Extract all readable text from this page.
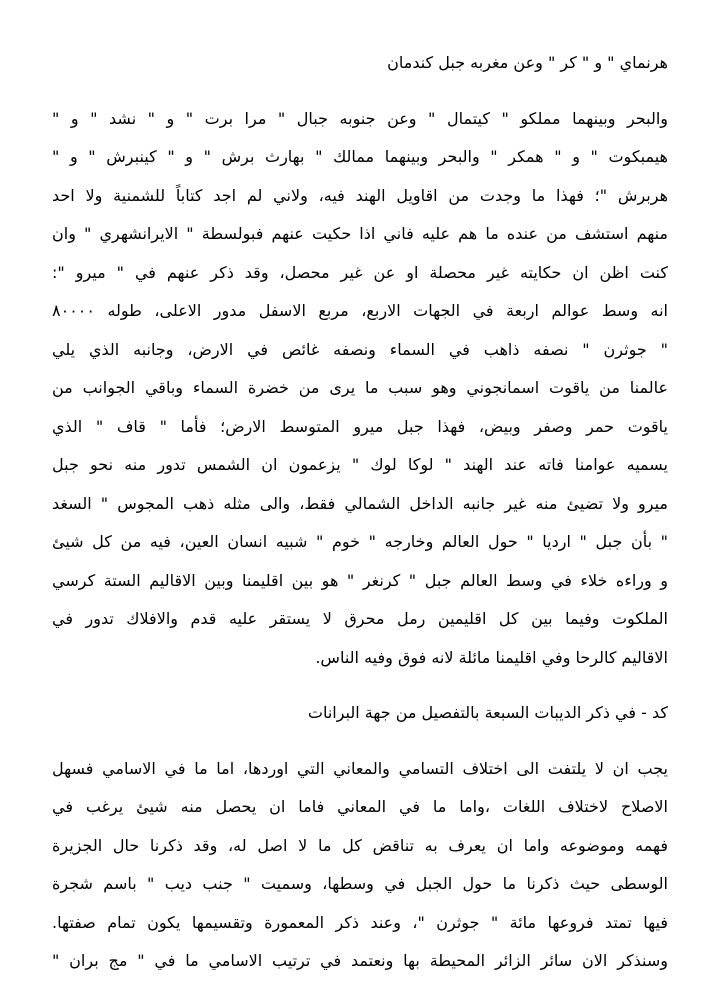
هرنماي " و " كر " وعن مغربه جبل كندمان
والبحر وبينهما مملكو " كيتمال " وعن جنوبه جبال " مرا برت " و " نشد " و "
هيمبكوت " و " همكر " والبحر وبينهما ممالك " بهارث برش " و " كينبرش " و "
هربرش "؛ فهذا ما وجدت من اقاويل الهند فيه، ولاني لم اجد كتاباً للشمنية ولا احد
منهم استشف من عنده ما هم عليه فاني اذا حكيت عنهم فبولسطة " الايرانشهري " وان
كنت اظن ان حكايته غير محصلة او عن غير محصل، وقد ذكر عنهم في " ميرو ":
انه وسط عوالم اربعة في الجهات الاربع، مربع الاسفل مدور الاعلى، طوله ٨٠٠٠٠
" جوثرن " نصفه ذاهب في السماء ونصفه غائص في الارض، وجانبه الذي يلي
عالمنا من ياقوت اسمانجوني وهو سبب ما يرى من خضرة السماء وباقي الجوانب من
ياقوت حمر وصفر وبيض، فهذا جبل ميرو المتوسط الارض؛ فأما " قاف " الذي
يسميه عوامنا فاته عند الهند " لوكا لوك " يزعمون ان الشمس تدور منه نحو جبل
ميرو ولا تضيئ منه غير جانبه الداخل الشمالي فقط، والى مثله ذهب المجوس " السغد
" بأن جبل " ارديا " حول العالم وخارجه " خوم " شبيه انسان العين، فيه من كل شيئ
و وراءه خلاء في وسط العالم جبل " كرنغر " هو بين اقليمنا وبين الاقاليم الستة كرسي
الملكوت وفيما بين كل اقليمين رمل محرق لا يستقر عليه قدم والافلاك تدور في
الاقاليم كالرحا وفي اقليمنا مائلة لانه فوق وفيه الناس.
كد - في ذكر الديبات السبعة بالتفصيل من جهة البرانات
يجب ان لا يلتفت الى اختلاف التسامي والمعاني التي اوردها، اما ما في الاسامي فسهل
الاصلاح لاختلاف اللغات ،واما ما في المعاني فاما ان يحصل منه شيئ يرغب في
فهمه وموضوعه واما ان يعرف به تناقض كل ما لا اصل له، وقد ذكرنا حال الجزيرة
الوسطى حيث ذكرنا ما حول الجبل في وسطها، وسميت " جنب ديب " باسم شجرة
فيها تمتد فروعها مائة " جوثرن "، وعند ذكر المعمورة وتقسيمها يكون تمام صفتها.
وسنذكر الان سائر الزائر المحيطة بها ونعتمد في ترتيب الاسامي ما في " مج بران "
